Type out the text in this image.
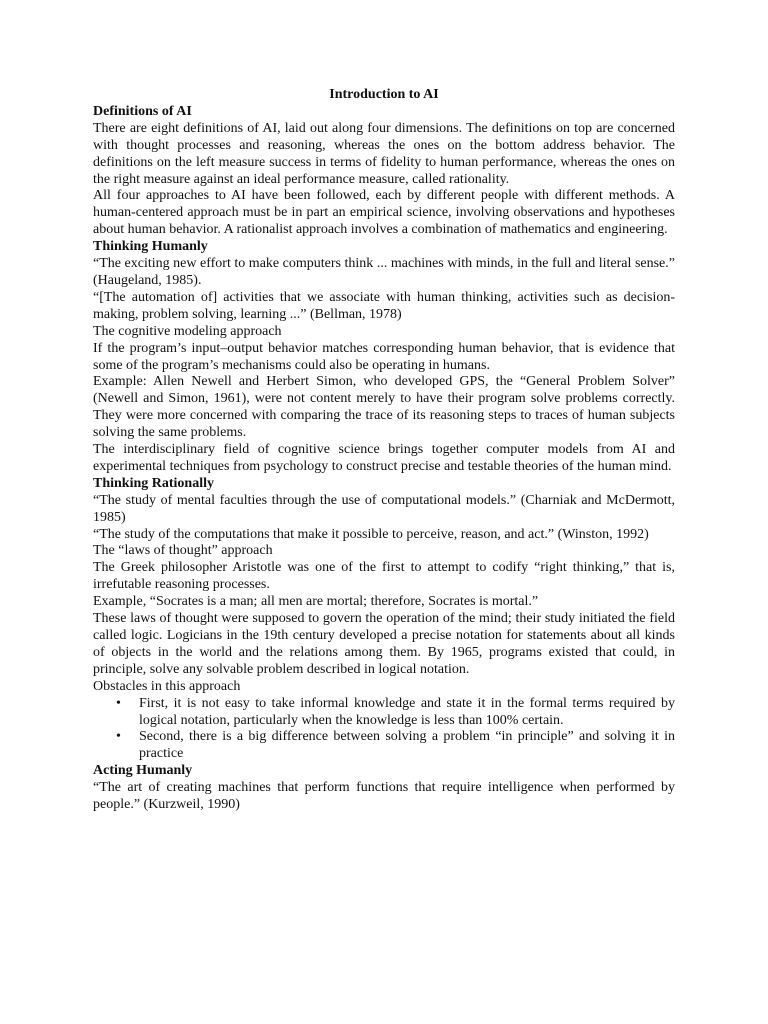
Introduction to AI
Definitions of AI

There are eight definitions of AI, laid out along four dimensions. The definitions on top are concerned with thought processes and reasoning, whereas the ones on the bottom address behavior. The definitions on the left measure success in terms of fidelity to human performance, whereas the ones on the right measure against an ideal performance measure, called rationality.

All four approaches to AI have been followed, each by different people with different methods. A human-centered approach must be in part an empirical science, involving observations and hypotheses about human behavior. A rationalist approach involves a combination of mathematics and engineering.

Thinking Humanly

“The exciting new effort to make computers think ... machines with minds, in the full and literal sense.” (Haugeland, 1985).

“[The automation of] activities that we associate with human thinking, activities such as decision-making, problem solving, learning ...” (Bellman, 1978)

The cognitive modeling approach

If the program’s input–output behavior matches corresponding human behavior, that is evidence that some of the program’s mechanisms could also be operating in humans.

Example: Allen Newell and Herbert Simon, who developed GPS, the “General Problem Solver” (Newell and Simon, 1961), were not content merely to have their program solve problems correctly. They were more concerned with comparing the trace of its reasoning steps to traces of human subjects solving the same problems.

The interdisciplinary field of cognitive science brings together computer models from AI and experimental techniques from psychology to construct precise and testable theories of the human mind.

Thinking Rationally

“The study of mental faculties through the use of computational models.” (Charniak and McDermott, 1985)

“The study of the computations that make it possible to perceive, reason, and act.” (Winston, 1992)

The “laws of thought” approach

The Greek philosopher Aristotle was one of the first to attempt to codify “right thinking,” that is, irrefutable reasoning processes.

Example, “Socrates is a man; all men are mortal; therefore, Socrates is mortal.”

These laws of thought were supposed to govern the operation of the mind; their study initiated the field called logic. Logicians in the 19th century developed a precise notation for statements about all kinds of objects in the world and the relations among them. By 1965, programs existed that could, in principle, solve any solvable problem described in logical notation.

Obstacles in this approach

• First, it is not easy to take informal knowledge and state it in the formal terms required by logical notation, particularly when the knowledge is less than 100% certain.
• Second, there is a big difference between solving a problem “in principle” and solving it in practice
Acting Humanly

“The art of creating machines that perform functions that require intelligence when performed by people.” (Kurzweil, 1990)
